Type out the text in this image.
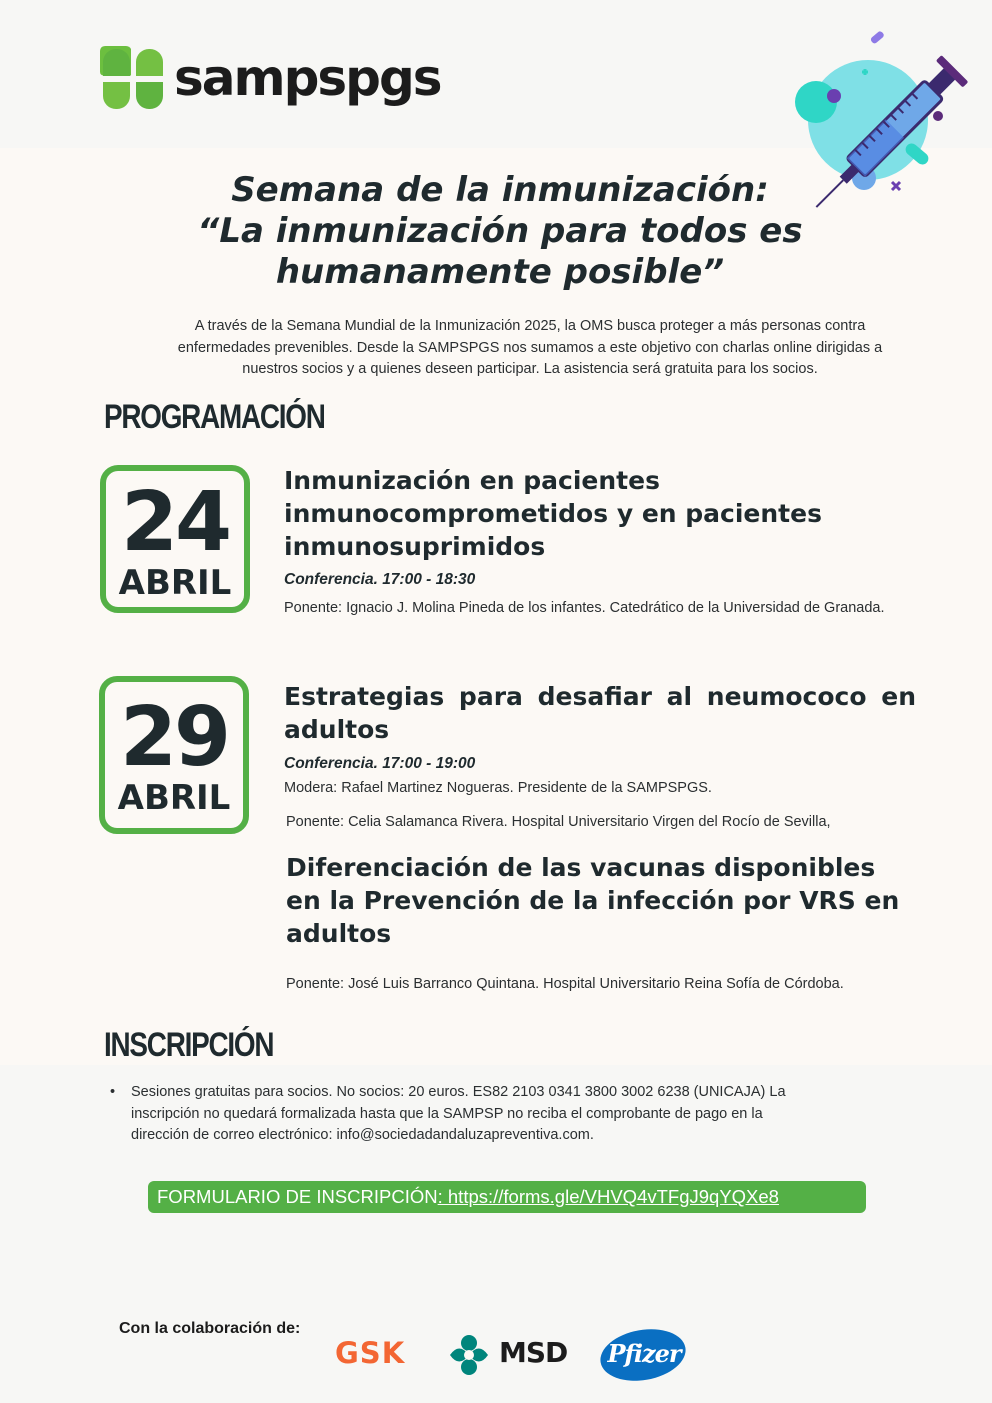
sampspgs
Semana de la inmunización:
“La inmunización para todos es
humanamente posible”
A través de la Semana Mundial de la Inmunización 2025, la OMS busca proteger a más personas contra
enfermedades prevenibles. Desde la SAMPSPGS nos sumamos a este objetivo con charlas online dirigidas a
nuestros socios y a quienes deseen participar. La asistencia será gratuita para los socios.
PROGRAMACIÓN
24
ABRIL
Inmunización en pacientes
inmunocomprometidos y en pacientes
inmunosuprimidos
Conferencia. 17:00 - 18:30
Ponente: Ignacio J. Molina Pineda de los infantes. Catedrático de la Universidad de Granada.
29
ABRIL
Estrategias para desafiar al neumococo en
adultos
Conferencia. 17:00 - 19:00
Modera: Rafael Martinez Nogueras. Presidente de la SAMPSPGS.
Ponente: Celia Salamanca Rivera. Hospital Universitario Virgen del Rocío de Sevilla,
Diferenciación de las vacunas disponibles
en la Prevención de la infección por VRS en
adultos
Ponente: José Luis Barranco Quintana. Hospital Universitario Reina Sofía de Córdoba.
INSCRIPCIÓN
• Sesiones gratuitas para socios. No socios: 20 euros. ES82 2103 0341 3800 3002 6238 (UNICAJA) La
inscripción no quedará formalizada hasta que la SAMPSP no reciba el comprobante de pago en la
dirección de correo electrónico: info@sociedadandaluzapreventiva.com.
FORMULARIO DE INSCRIPCIÓN: https://forms.gle/VHVQ4vTFgJ9qYQXe8
Con la colaboración de:
GSK	MSD Pfizer
